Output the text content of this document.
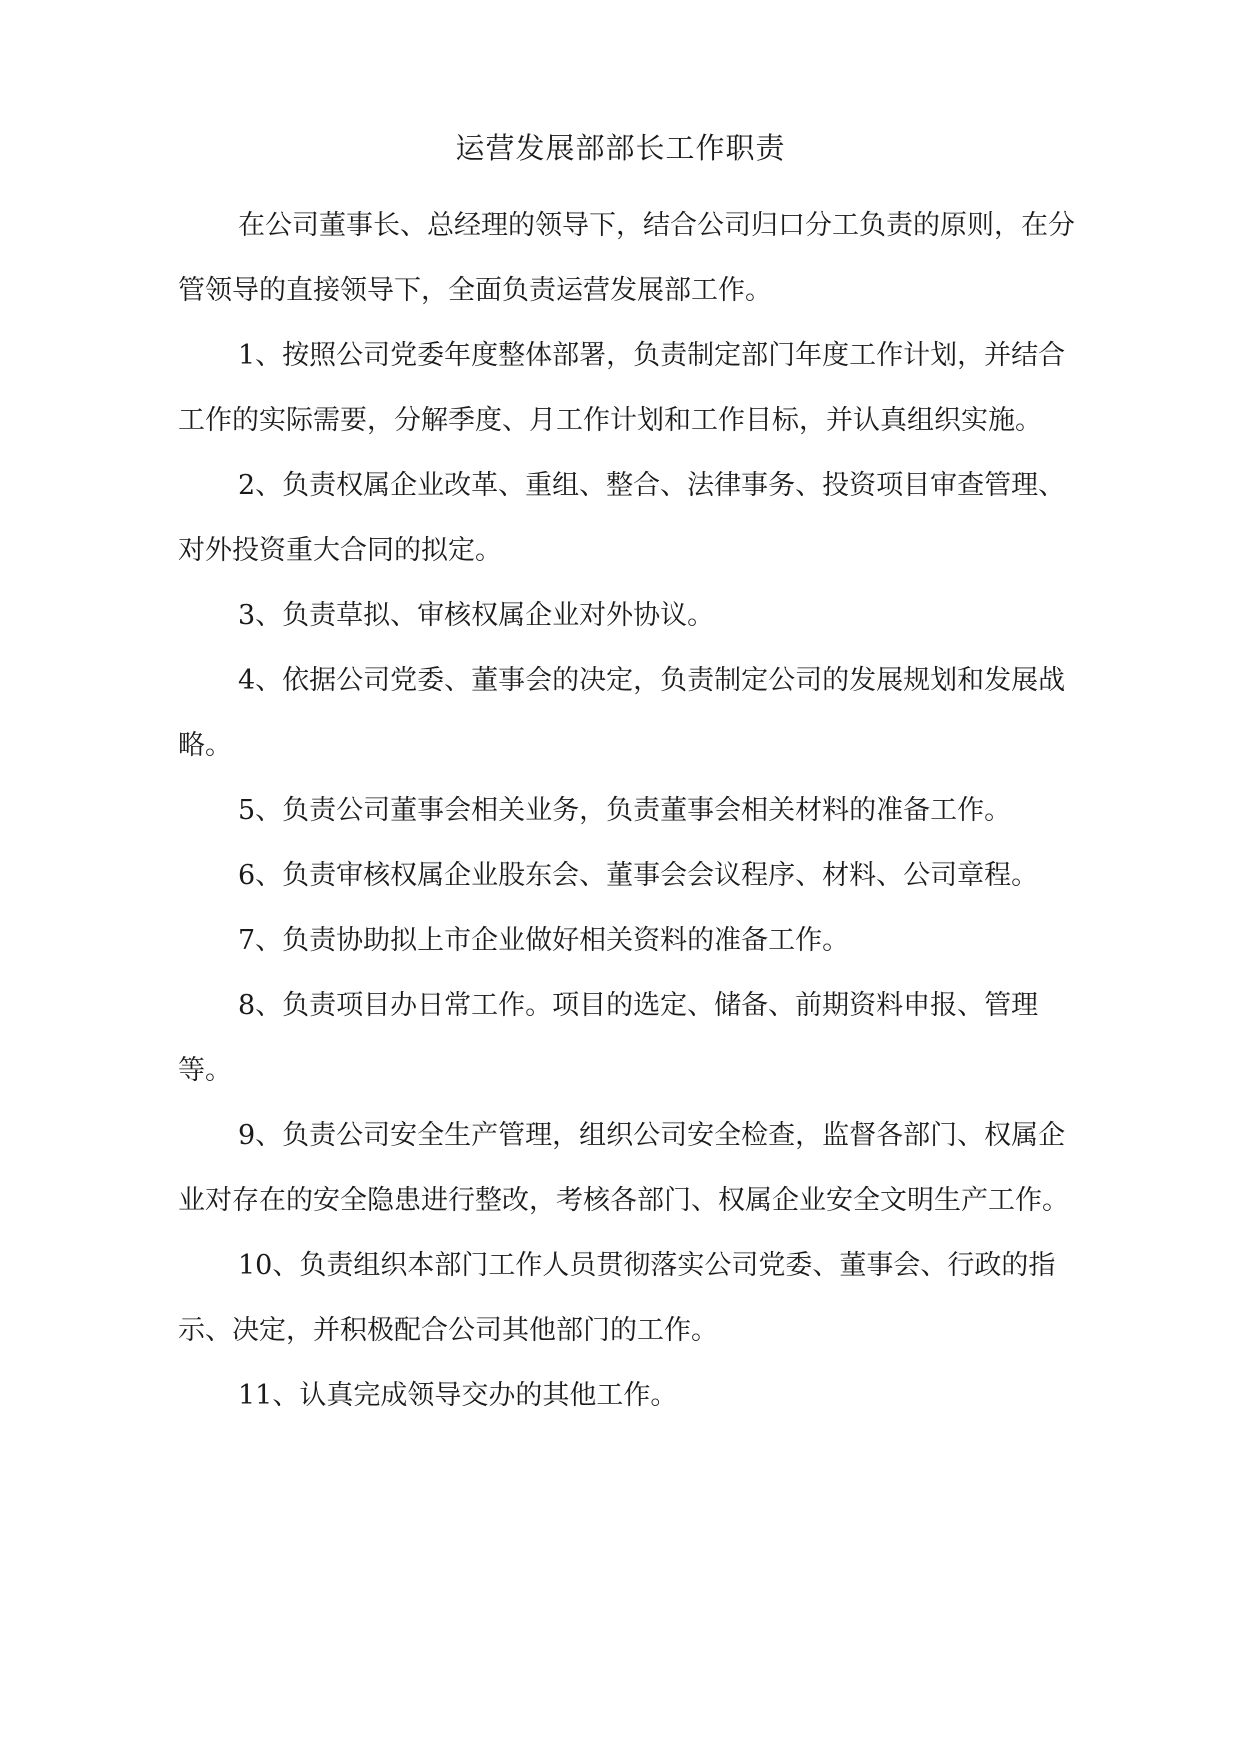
运营发展部部长工作职责

在公司董事长、总经理的领导下，结合公司归口分工负责的原则，在分管领导的直接领导下，全面负责运营发展部工作。

1、按照公司党委年度整体部署，负责制定部门年度工作计划，并结合工作的实际需要，分解季度、月工作计划和工作目标，并认真组织实施。

2、负责权属企业改革、重组、整合、法律事务、投资项目审查管理、对外投资重大合同的拟定。

3、负责草拟、审核权属企业对外协议。

4、依据公司党委、董事会的决定，负责制定公司的发展规划和发展战略。

5、负责公司董事会相关业务，负责董事会相关材料的准备工作。

6、负责审核权属企业股东会、董事会会议程序、材料、公司章程。

7、负责协助拟上市企业做好相关资料的准备工作。

8、负责项目办日常工作。项目的选定、储备、前期资料申报、管理等。

9、负责公司安全生产管理，组织公司安全检查，监督各部门、权属企业对存在的安全隐患进行整改，考核各部门、权属企业安全文明生产工作。

10、负责组织本部门工作人员贯彻落实公司党委、董事会、行政的指示、决定，并积极配合公司其他部门的工作。

11、认真完成领导交办的其他工作。
